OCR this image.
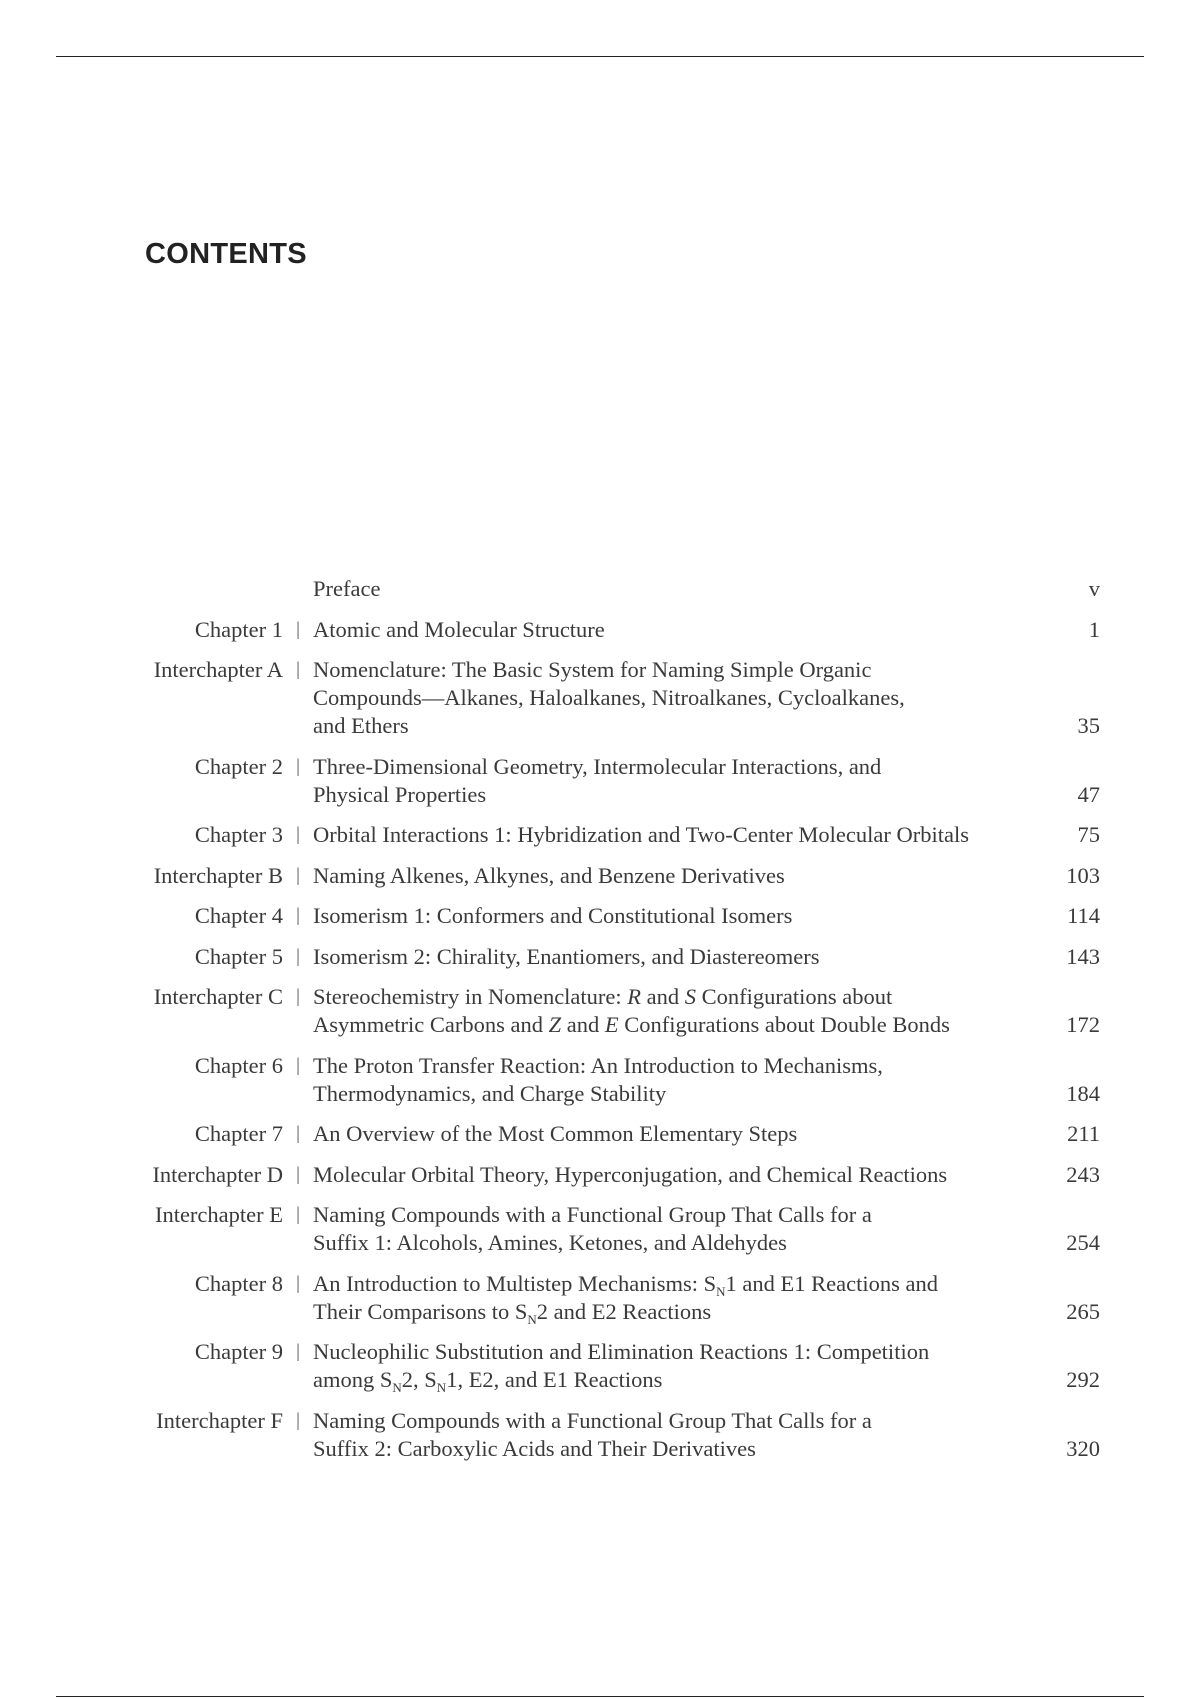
CONTENTS
Preface	v
Chapter 1 | Atomic and Molecular Structure	1
Interchapter A | Nomenclature: The Basic System for Naming Simple Organic
Compounds—Alkanes, Haloalkanes, Nitroalkanes, Cycloalkanes,
and Ethers	35
Chapter 2 | Three-Dimensional Geometry, Intermolecular Interactions, and
Physical Properties	47
Chapter 3 | Orbital Interactions 1: Hybridization and Two-Center Molecular Orbitals	75
Interchapter B | Naming Alkenes, Alkynes, and Benzene Derivatives	103
Chapter 4 | Isomerism 1: Conformers and Constitutional Isomers	114
Chapter 5 | Isomerism 2: Chirality, Enantiomers, and Diastereomers	143
Interchapter C | Stereochemistry in Nomenclature: R and S Configurations about
Asymmetric Carbons and Z and E Configurations about Double Bonds	172
Chapter 6 | The Proton Transfer Reaction: An Introduction to Mechanisms,
Thermodynamics, and Charge Stability	184
Chapter 7 | An Overview of the Most Common Elementary Steps	211
Interchapter D | Molecular Orbital Theory, Hyperconjugation, and Chemical Reactions	243
Interchapter E | Naming Compounds with a Functional Group That Calls for a
Suffix 1: Alcohols, Amines, Ketones, and Aldehydes	254
Chapter 8 | An Introduction to Multistep Mechanisms: $S_N1$ and E1 Reactions and
Their Comparisons to $S_N2$ and E2 Reactions	265
Chapter 9 | Nucleophilic Substitution and Elimination Reactions 1: Competition
among $S_N2$, $S_N1$, E2, and E1 Reactions	292
Interchapter F | Naming Compounds with a Functional Group That Calls for a
Suffix 2: Carboxylic Acids and Their Derivatives	320
